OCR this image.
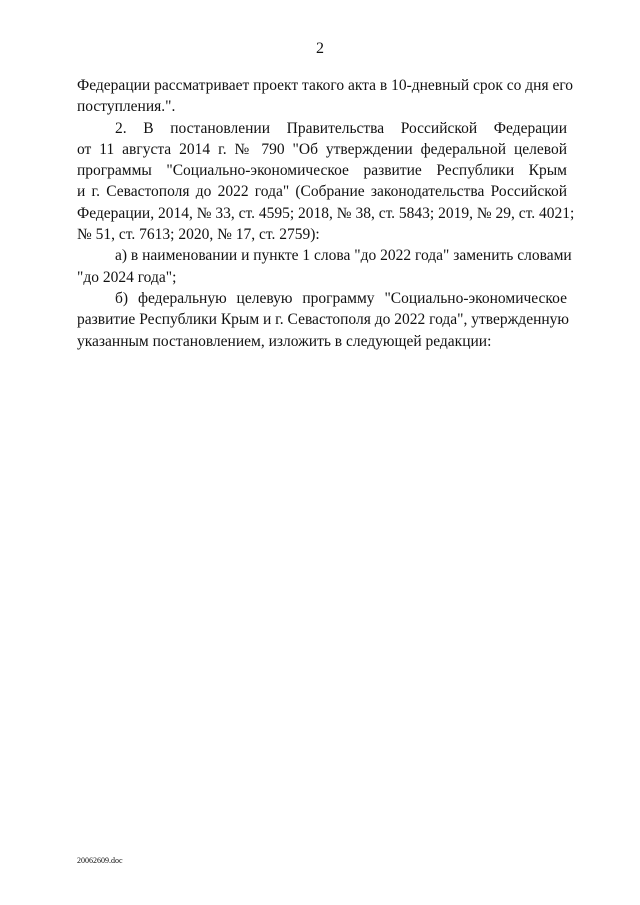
2

Федерации рассматривает проект такого акта в 10-дневный срок со дня его
поступления.".

2. В постановлении Правительства Российской Федерации
от 11 августа 2014 г. № 790 "Об утверждении федеральной целевой
программы "Социально-экономическое развитие Республики Крым
и г. Севастополя до 2022 года" (Собрание законодательства Российской
Федерации, 2014, № 33, ст. 4595; 2018, № 38, ст. 5843; 2019, № 29, ст. 4021;
№ 51, ст. 7613; 2020, № 17, ст. 2759):

а) в наименовании и пункте 1 слова "до 2022 года" заменить словами
"до 2024 года";

б) федеральную целевую программу "Социально-экономическое
развитие Республики Крым и г. Севастополя до 2022 года", утвержденную
указанным постановлением, изложить в следующей редакции:

20062609.doc
